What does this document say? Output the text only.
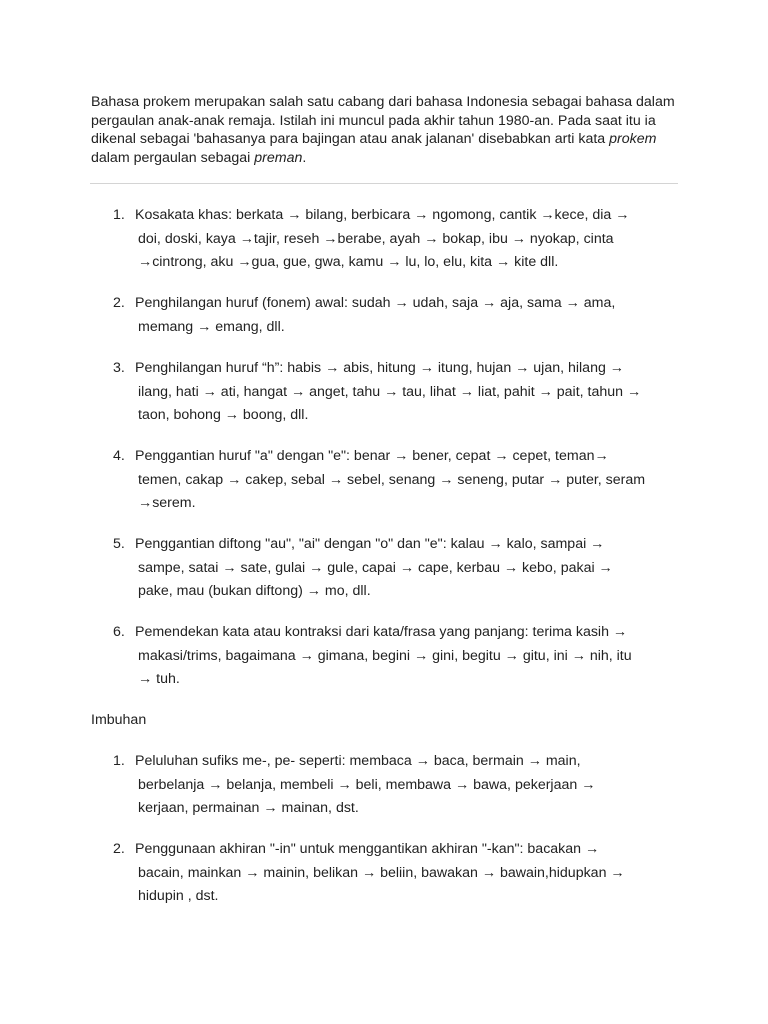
Bahasa prokem merupakan salah satu cabang dari bahasa Indonesia sebagai bahasa dalam pergaulan anak-anak remaja. Istilah ini muncul pada akhir tahun 1980-an. Pada saat itu ia dikenal sebagai 'bahasanya para bajingan atau anak jalanan' disebabkan arti kata prokem dalam pergaulan sebagai preman.

1. Kosakata khas: berkata → bilang, berbicara → ngomong, cantik →kece, dia →
doi, doski, kaya →tajir, reseh →berabe, ayah → bokap, ibu → nyokap, cinta
→cintrong, aku →gua, gue, gwa, kamu → lu, lo, elu, kita → kite dll.
2. Penghilangan huruf (fonem) awal: sudah → udah, saja → aja, sama → ama,
memang → emang, dll.
3. Penghilangan huruf “h”: habis → abis, hitung → itung, hujan → ujan, hilang →
ilang, hati → ati, hangat → anget, tahu → tau, lihat → liat, pahit → pait, tahun →
taon, bohong → boong, dll.
4. Penggantian huruf "a" dengan "e": benar → bener, cepat → cepet, teman→
temen, cakap → cakep, sebal → sebel, senang → seneng, putar → puter, seram
→serem.
5. Penggantian diftong "au", "ai" dengan "o" dan "e": kalau → kalo, sampai →
sampe, satai → sate, gulai → gule, capai → cape, kerbau → kebo, pakai →
pake, mau (bukan diftong) → mo, dll.
6. Pemendekan kata atau kontraksi dari kata/frasa yang panjang: terima kasih →
makasi/trims, bagaimana → gimana, begini → gini, begitu → gitu, ini → nih, itu
→ tuh.
Imbuhan
1. Peluluhan sufiks me-, pe- seperti: membaca → baca, bermain → main,
berbelanja → belanja, membeli → beli, membawa → bawa, pekerjaan →
kerjaan, permainan → mainan, dst.
2. Penggunaan akhiran "-in" untuk menggantikan akhiran "-kan": bacakan →
bacain, mainkan → mainin, belikan → beliin, bawakan → bawain,hidupkan →
hidupin , dst.
